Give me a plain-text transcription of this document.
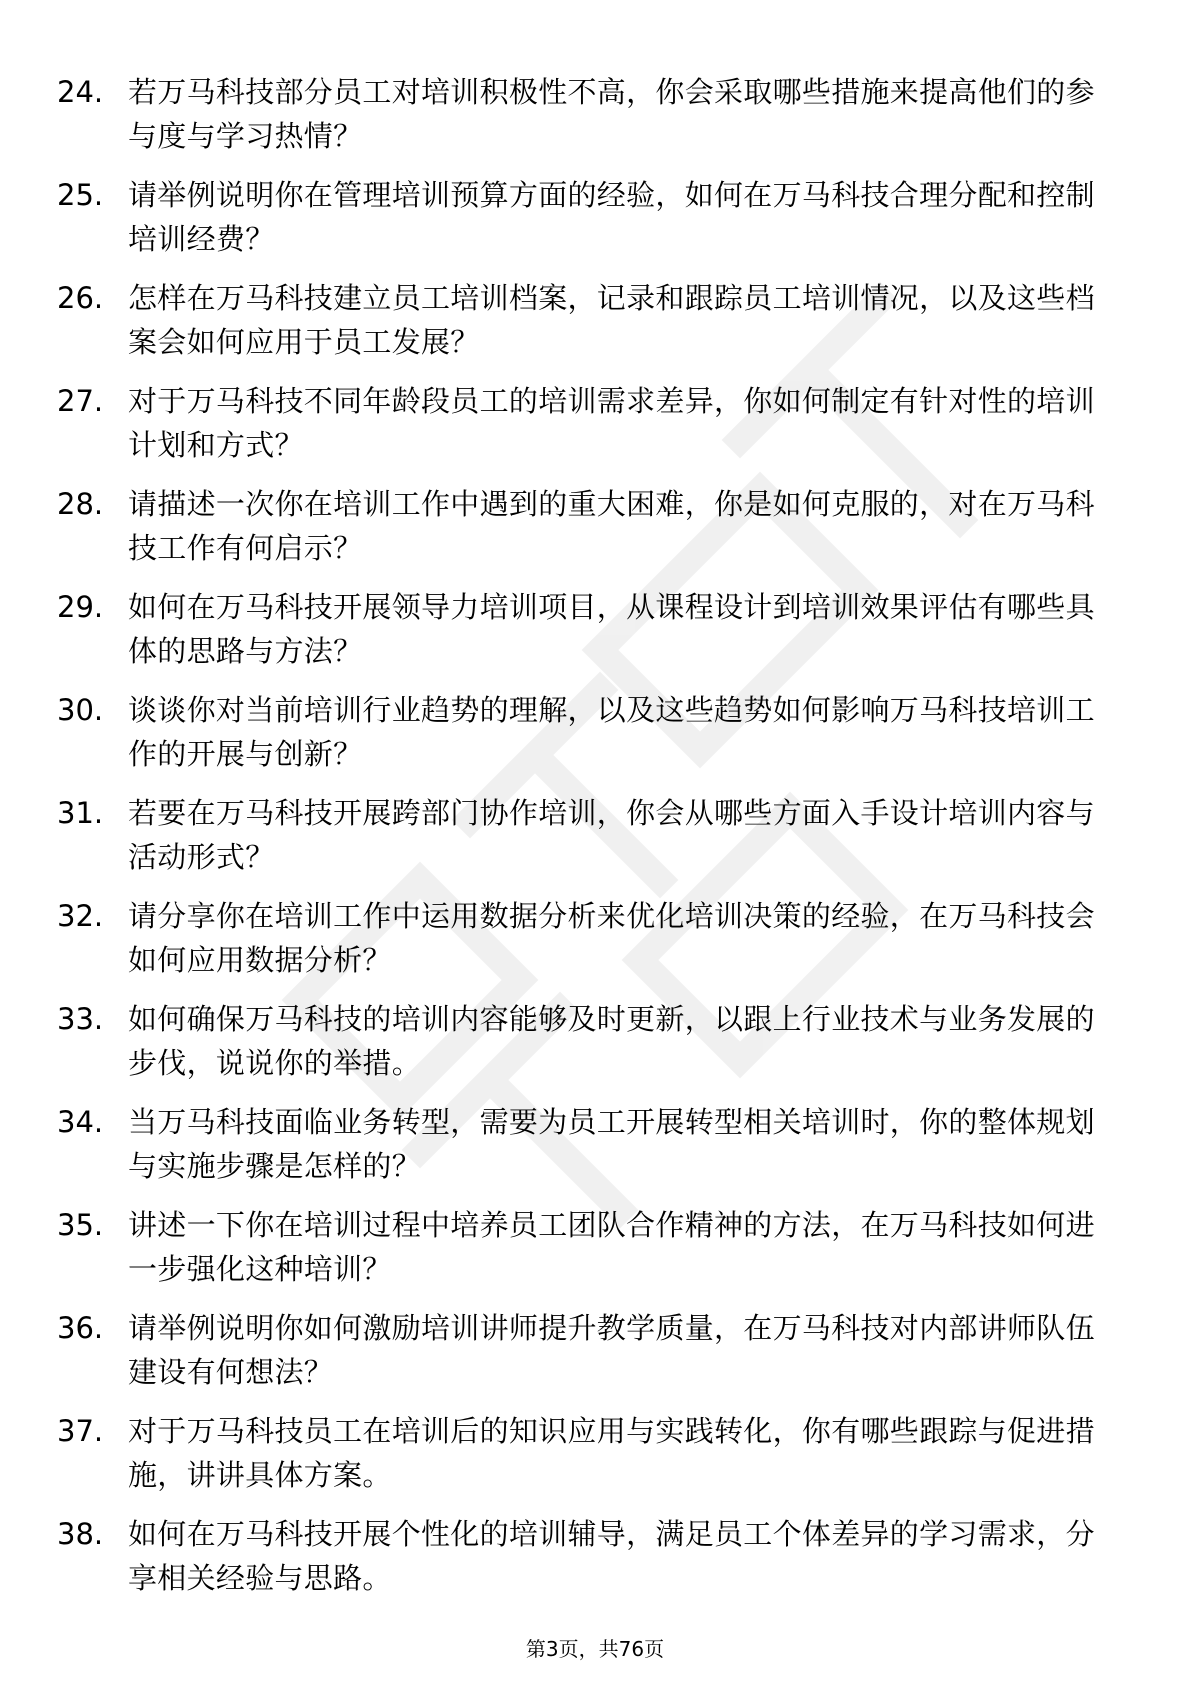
24. 若万马科技部分员工对培训积极性不高，你会采取哪些措施来提高他们的参与度与学习热情？
25. 请举例说明你在管理培训预算方面的经验，如何在万马科技合理分配和控制培训经费？
26. 怎样在万马科技建立员工培训档案，记录和跟踪员工培训情况，以及这些档案会如何应用于员工发展？
27. 对于万马科技不同年龄段员工的培训需求差异，你如何制定有针对性的培训计划和方式？
28. 请描述一次你在培训工作中遇到的重大困难，你是如何克服的，对在万马科技工作有何启示？
29. 如何在万马科技开展领导力培训项目，从课程设计到培训效果评估有哪些具体的思路与方法？
30. 谈谈你对当前培训行业趋势的理解，以及这些趋势如何影响万马科技培训工作的开展与创新？
31. 若要在万马科技开展跨部门协作培训，你会从哪些方面入手设计培训内容与活动形式？
32. 请分享你在培训工作中运用数据分析来优化培训决策的经验，在万马科技会如何应用数据分析？
33. 如何确保万马科技的培训内容能够及时更新，以跟上行业技术与业务发展的步伐，说说你的举措。
34. 当万马科技面临业务转型，需要为员工开展转型相关培训时，你的整体规划与实施步骤是怎样的？
35. 讲述一下你在培训过程中培养员工团队合作精神的方法，在万马科技如何进一步强化这种培训？
36. 请举例说明你如何激励培训讲师提升教学质量，在万马科技对内部讲师队伍建设有何想法？
37. 对于万马科技员工在培训后的知识应用与实践转化，你有哪些跟踪与促进措施，讲讲具体方案。
38. 如何在万马科技开展个性化的培训辅导，满足员工个体差异的学习需求，分享相关经验与思路。
第3页，共76页
